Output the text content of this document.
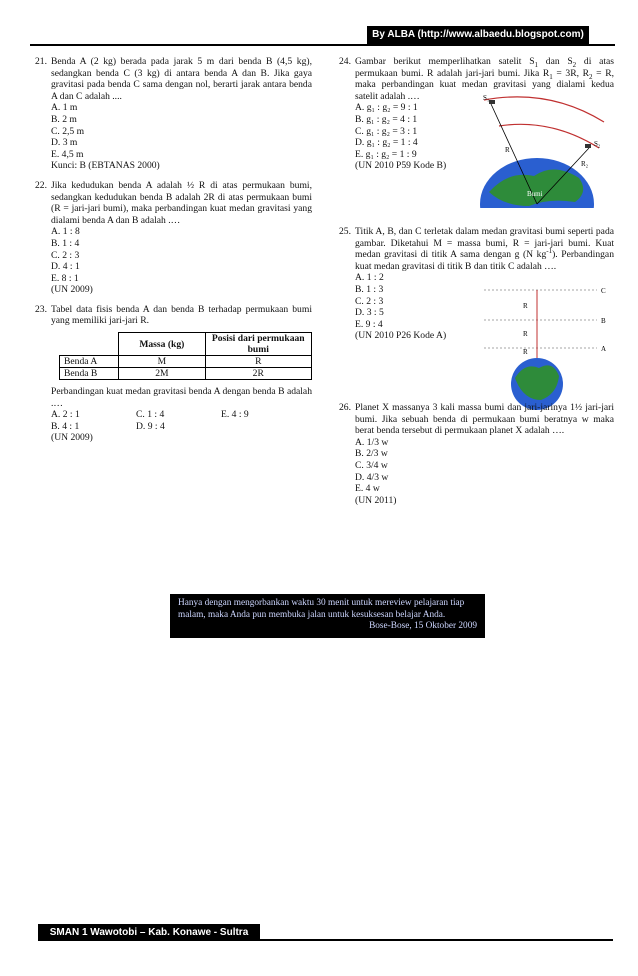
By ALBA (http://www.albaedu.blogspot.com)
21. Benda A (2 kg) berada pada jarak 5 m dari benda B (4,5 kg), sedangkan benda C (3 kg) di antara benda A dan B. Jika gaya gravitasi pada benda C sama dengan nol, berarti jarak antara benda A dan C adalah ....
A. 1 m
B. 2 m
C. 2,5 m
D. 3 m
E. 4,5 m
Kunci: B (EBTANAS 2000)
22. Jika kedudukan benda A adalah ½ R di atas permukaan bumi, sedangkan kedudukan benda B adalah 2R di atas permukaan bumi (R = jari-jari bumi), maka perbandingan kuat medan gravitasi yang dialami benda A dan B adalah .…
A. 1 : 8
B. 1 : 4
C. 2 : 3
D. 4 : 1
E. 8 : 1
(UN 2009)
23. Tabel data fisis benda A dan benda B terhadap permukaan bumi yang memiliki jari-jari R.
	Massa (kg)	Posisi dari permukaan bumi
Benda A	M	R
Benda B	2M	2R
Perbandingan kuat medan gravitasi benda A dengan benda B adalah .…
A. 2 : 1	C. 1 : 4	E. 4 : 9
B. 4 : 1	D. 9 : 4
(UN 2009)
24. Gambar berikut memperlihatkan satelit $S_1$ dan $S_2$ di atas permukaan bumi. R adalah jari-jari bumi. Jika $R_1 = 3R$, $R_2 = R$, maka perbandingan kuat medan gravitasi yang dialami kedua satelit adalah .…
A. g₁ : g₂ = 9 : 1
B. g₁ : g₂ = 4 : 1
C. g₁ : g₂ = 3 : 1
D. g₁ : g₂ = 1 : 4
E. g₁ : g₂ = 1 : 9
(UN 2010 P59 Kode B)
S₁
S₂
R
R₂
Bumi
25. Titik A, B, dan C terletak dalam medan gravitasi bumi seperti pada gambar. Diketahui M = massa bumi, R = jari-jari bumi. Kuat medan gravitasi di titik A sama dengan g (N $kg^{-1}$). Perbandingan kuat medan gravitasi di titik B dan titik C adalah ….
A. 1 : 2
B. 1 : 3
C. 2 : 3
D. 3 : 5
E. 9 : 4
(UN 2010 P26 Kode A)
C
B
A
R
R
R
26. Planet X massanya 3 kali massa bumi dan jari-jarinya 1½ jari-jari bumi. Jika sebuah benda di permukaan bumi beratnya w maka berat benda tersebut di permukaan planet X adalah ….
A. 1/3 w
B. 2/3 w
C. 3/4 w
D. 4/3 w
E. 4 w
(UN 2011)
Hanya dengan mengorbankan waktu 30 menit untuk mereview pelajaran tiap malam, maka Anda pun membuka jalan untuk kesuksesan belajar Anda.
Bose-Bose, 15 Oktober 2009
SMAN 1 Wawotobi – Kab. Konawe - Sultra
